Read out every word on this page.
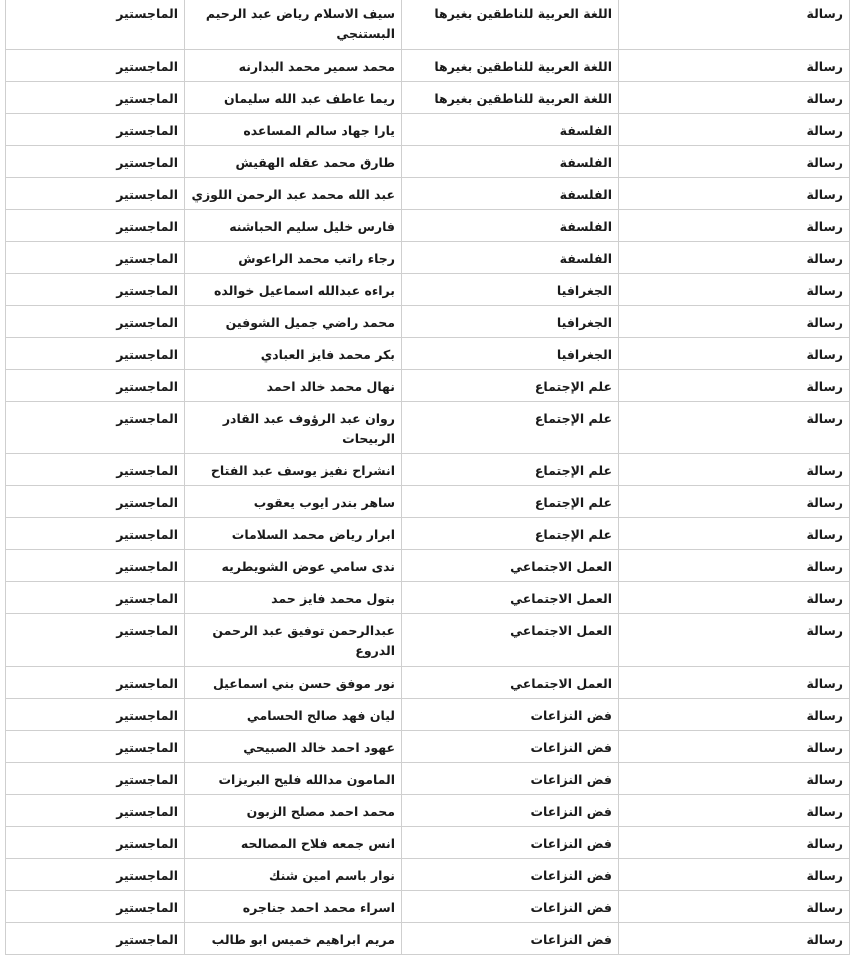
رسالة	اللغة العربية للناطقين بغيرها	سيف الاسلام رياض عبد الرحيم البستنجي	الماجستير
رسالة	اللغة العربية للناطقين بغيرها	محمد سمير محمد البدارنه	الماجستير
رسالة	اللغة العربية للناطقين بغيرها	ريما عاطف عبد الله سليمان	الماجستير
رسالة	الفلسفة	يارا جهاد سالم المساعده	الماجستير
رسالة	الفلسفة	طارق محمد عقله الهقيش	الماجستير
رسالة	الفلسفة	عبد الله محمد عبد الرحمن اللوزي	الماجستير
رسالة	الفلسفة	فارس خليل سليم الحباشنه	الماجستير
رسالة	الفلسفة	رجاء راتب محمد الراعوش	الماجستير
رسالة	الجغرافيا	براءه عبدالله اسماعيل خوالده	الماجستير
رسالة	الجغرافيا	محمد راضي جميل الشوفين	الماجستير
رسالة	الجغرافيا	بكر محمد فايز العبادي	الماجستير
رسالة	علم الإجتماع	نهال محمد خالد احمد	الماجستير
رسالة	علم الإجتماع	روان عبد الرؤوف عبد القادر الربيحات	الماجستير
رسالة	علم الإجتماع	انشراح نفيز يوسف عبد الفتاح	الماجستير
رسالة	علم الإجتماع	ساهر بندر ايوب يعقوب	الماجستير
رسالة	علم الإجتماع	ابرار رياض محمد السلامات	الماجستير
رسالة	العمل الاجتماعي	ندى سامي عوض الشويطريه	الماجستير
رسالة	العمل الاجتماعي	بتول محمد فايز حمد	الماجستير
رسالة	العمل الاجتماعي	عبدالرحمن توفيق عبد الرحمن الدروع	الماجستير
رسالة	العمل الاجتماعي	نور موفق حسن بني اسماعيل	الماجستير
رسالة	فض النزاعات	ليان فهد صالح الحسامي	الماجستير
رسالة	فض النزاعات	عهود احمد خالد الصبيحي	الماجستير
رسالة	فض النزاعات	المامون مدالله فليح البريزات	الماجستير
رسالة	فض النزاعات	محمد احمد مصلح الزبون	الماجستير
رسالة	فض النزاعات	انس جمعه فلاح المصالحه	الماجستير
رسالة	فض النزاعات	نوار باسم امين شنك	الماجستير
رسالة	فض النزاعات	اسراء محمد احمد جناجره	الماجستير
رسالة	فض النزاعات	مريم ابراهيم خميس ابو طالب	الماجستير
